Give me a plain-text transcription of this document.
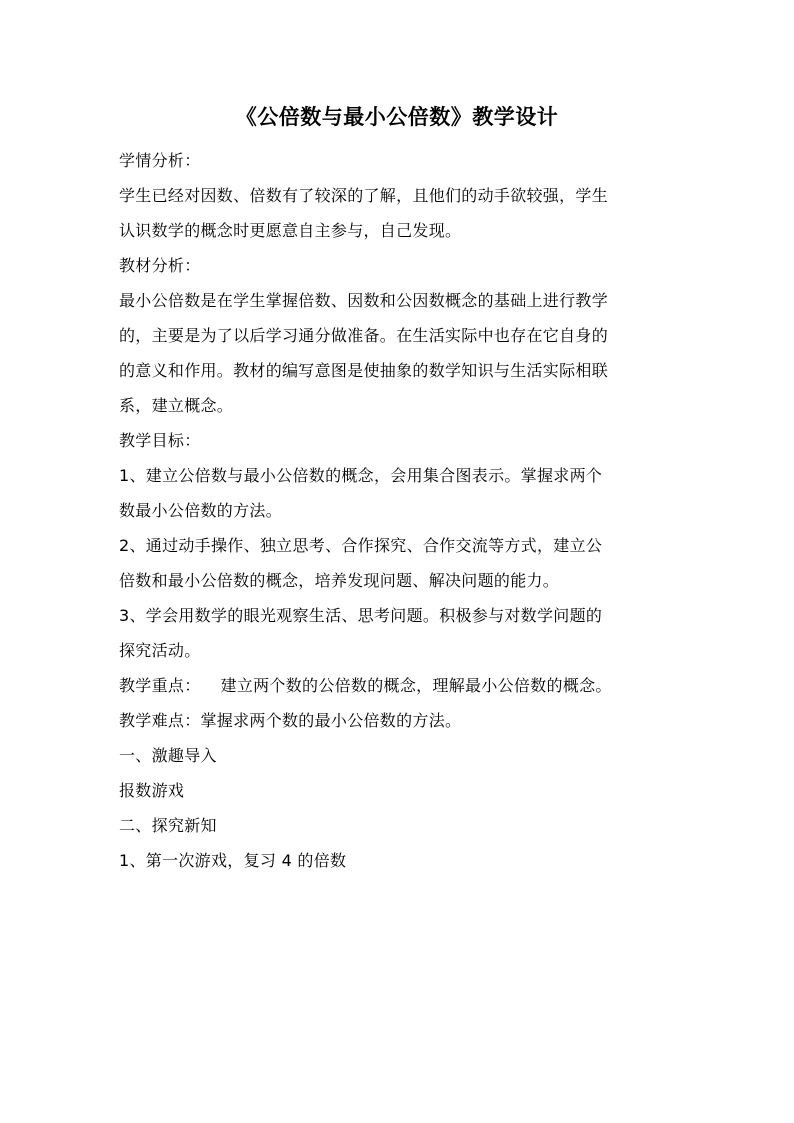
《公倍数与最小公倍数》教学设计
学情分析：
学生已经对因数、倍数有了较深的了解，且他们的动手欲较强，学生
认识数学的概念时更愿意自主参与，自己发现。
教材分析：
最小公倍数是在学生掌握倍数、因数和公因数概念的基础上进行教学
的，主要是为了以后学习通分做准备。在生活实际中也存在它自身的
的意义和作用。教材的编写意图是使抽象的数学知识与生活实际相联
系，建立概念。
教学目标：
1、建立公倍数与最小公倍数的概念，会用集合图表示。掌握求两个
数最小公倍数的方法。
2、通过动手操作、独立思考、合作探究、合作交流等方式，建立公
倍数和最小公倍数的概念，培养发现问题、解决问题的能力。
3、学会用数学的眼光观察生活、思考问题。积极参与对数学问题的
探究活动。
教学重点： 建立两个数的公倍数的概念，理解最小公倍数的概念。
教学难点：掌握求两个数的最小公倍数的方法。
一、激趣导入
报数游戏
二、探究新知
1、第一次游戏，复习 4 的倍数
